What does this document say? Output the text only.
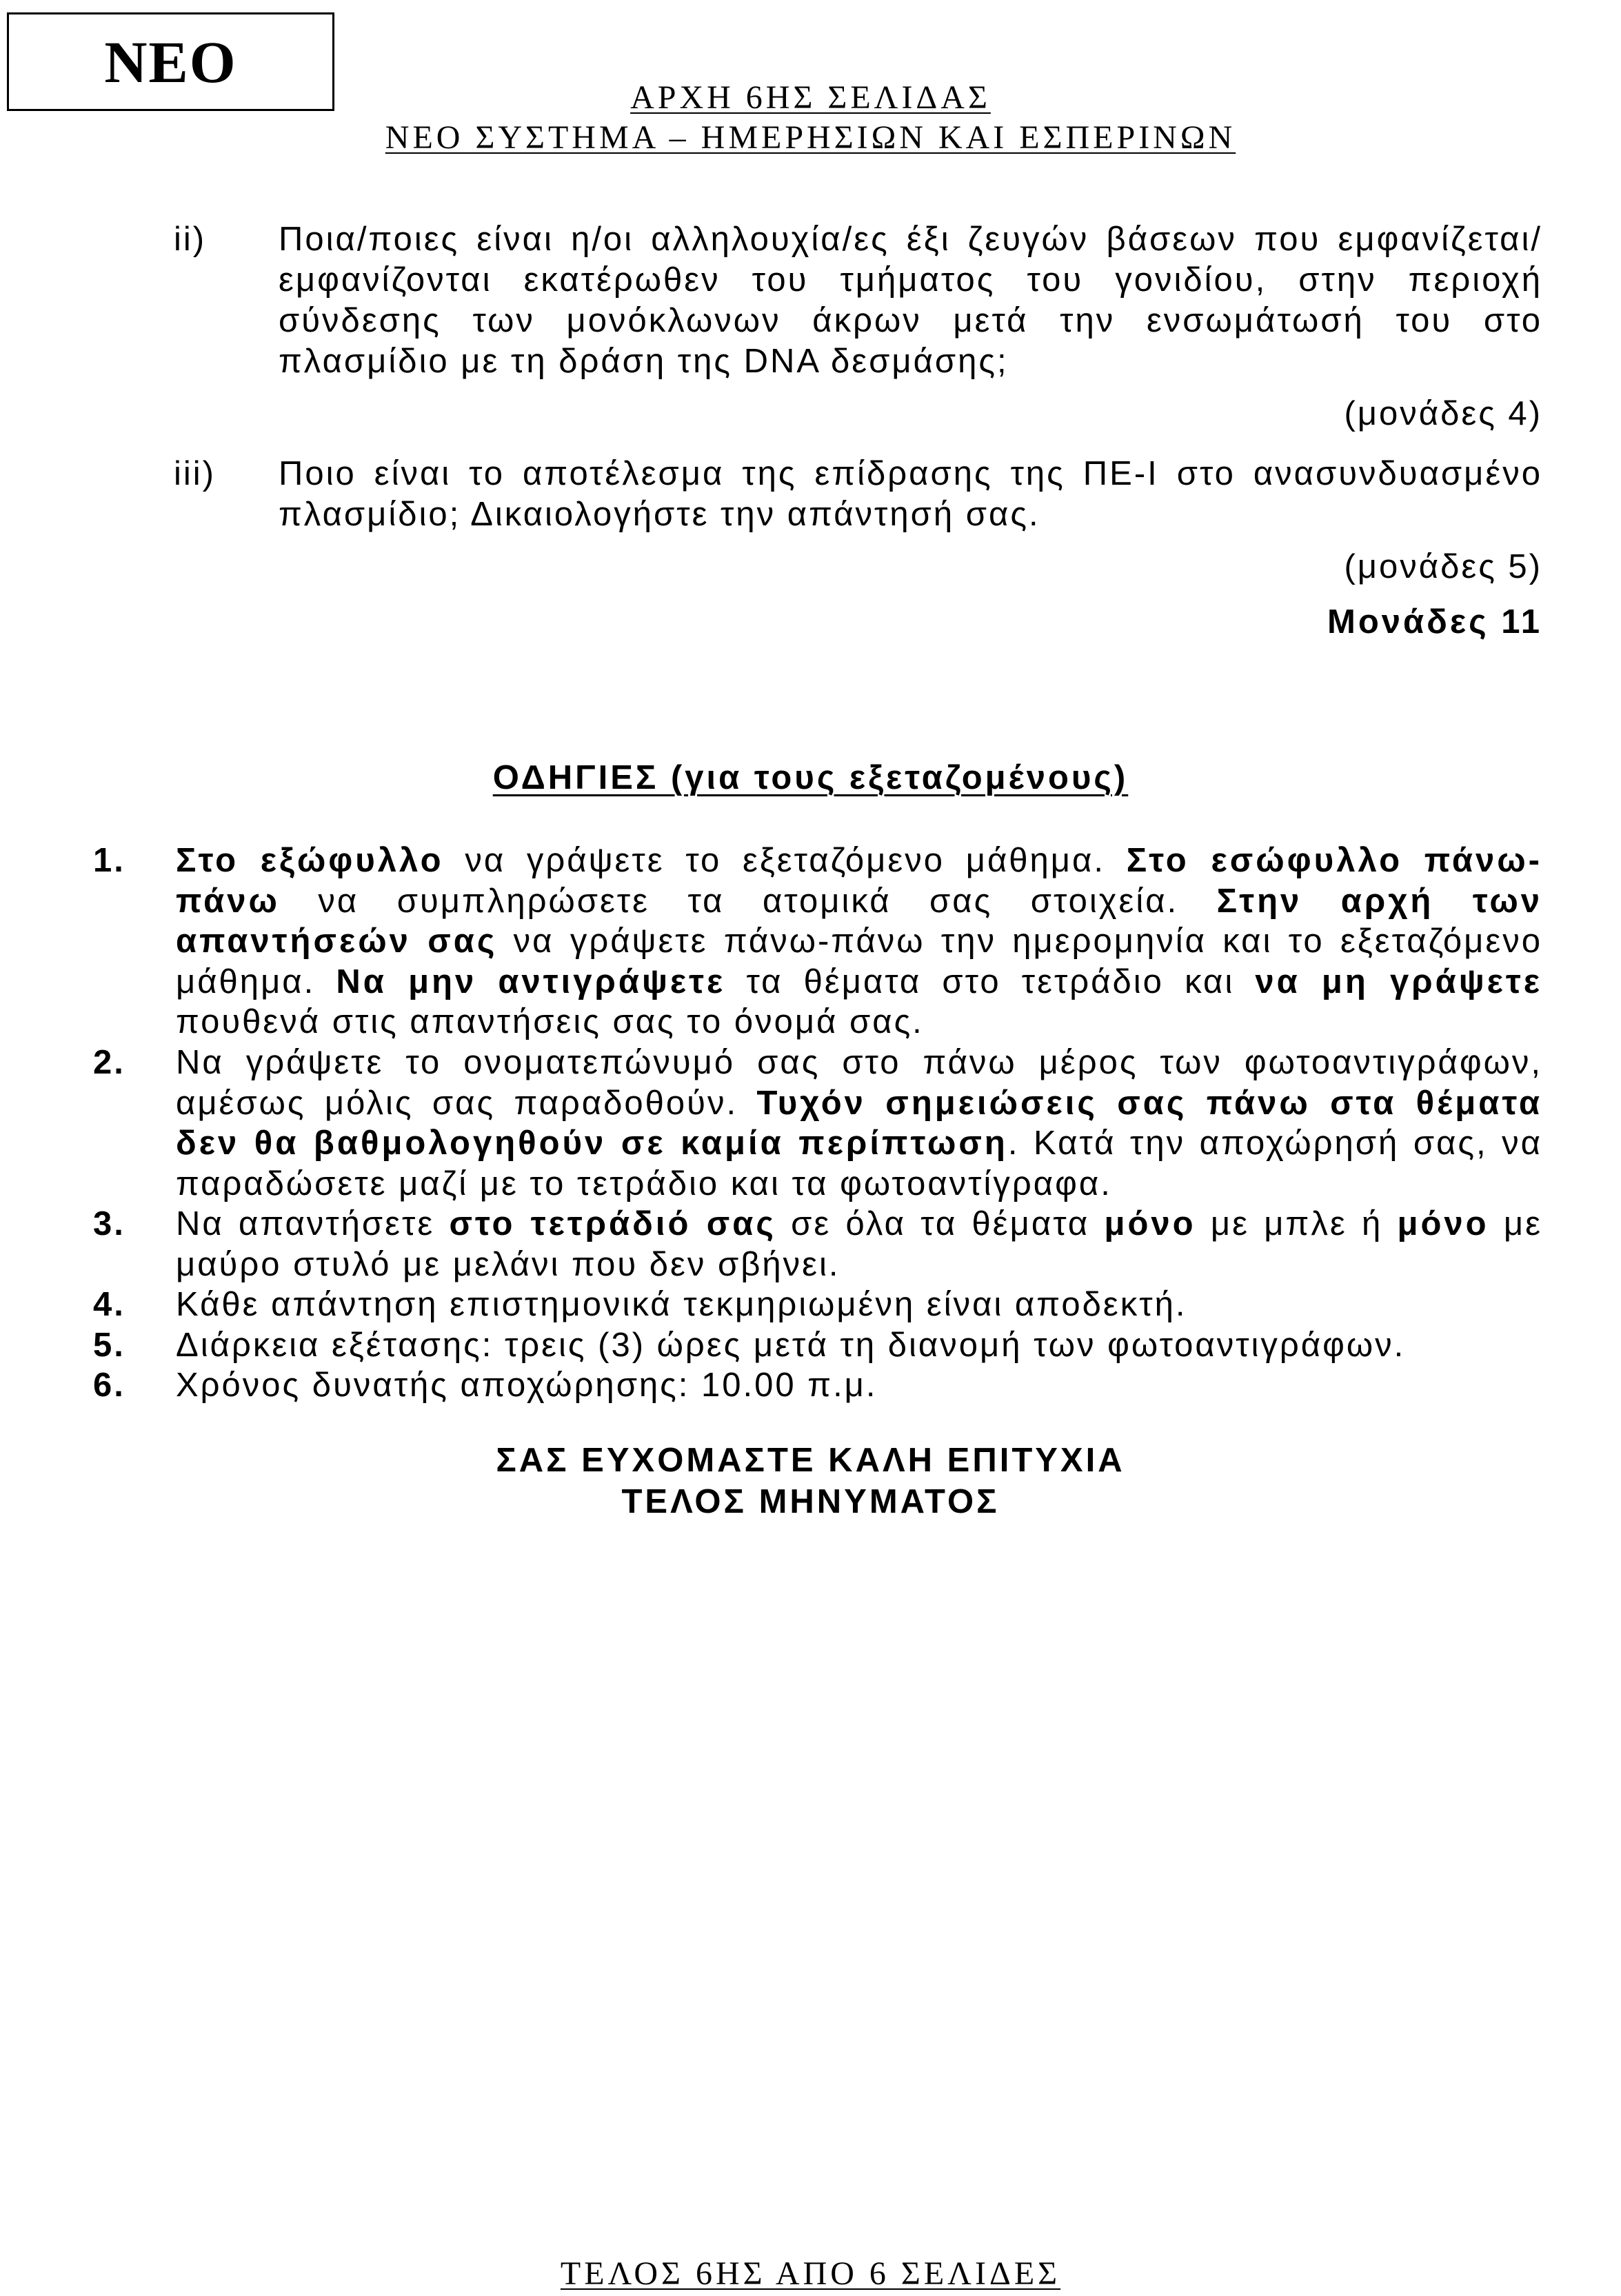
ΝΕΟ
ΑΡΧΗ 6ΗΣ ΣΕΛΙΔΑΣ
ΝΕΟ ΣΥΣΤΗΜΑ – ΗΜΕΡΗΣΙΩΝ ΚΑΙ ΕΣΠΕΡΙΝΩΝ
ii) Ποια/ποιες είναι η/οι αλληλουχία/ες έξι ζευγών βάσεων που εμφανίζεται/εμφανίζονται εκατέρωθεν του τμήματος του γονιδίου, στην περιοχή σύνδεσης των μονόκλωνων άκρων μετά την ενσωμάτωσή του στο πλασμίδιο με τη δράση της DNA δεσμάσης;
(μονάδες 4)
iii) Ποιο είναι το αποτέλεσμα της επίδρασης της ΠΕ-Ι στο ανασυνδυασμένο πλασμίδιο; Δικαιολογήστε την απάντησή σας.
(μονάδες 5)
Μονάδες 11
ΟΔΗΓΙΕΣ (για τους εξεταζομένους)
1. Στο εξώφυλλο να γράψετε το εξεταζόμενο μάθημα. Στο εσώφυλλο πάνω-πάνω να συμπληρώσετε τα ατομικά σας στοιχεία. Στην αρχή των απαντήσεών σας να γράψετε πάνω-πάνω την ημερομηνία και το εξεταζόμενο μάθημα. Να μην αντιγράψετε τα θέματα στο τετράδιο και να μη γράψετε πουθενά στις απαντήσεις σας το όνομά σας.
2. Να γράψετε το ονοματεπώνυμό σας στο πάνω μέρος των φωτοαντιγράφων, αμέσως μόλις σας παραδοθούν. Τυχόν σημειώσεις σας πάνω στα θέματα δεν θα βαθμολογηθούν σε καμία περίπτωση. Κατά την αποχώρησή σας, να παραδώσετε μαζί με το τετράδιο και τα φωτοαντίγραφα.
3. Να απαντήσετε στο τετράδιό σας σε όλα τα θέματα μόνο με μπλε ή μόνο με μαύρο στυλό με μελάνι που δεν σβήνει.
4. Κάθε απάντηση επιστημονικά τεκμηριωμένη είναι αποδεκτή.
5. Διάρκεια εξέτασης: τρεις (3) ώρες μετά τη διανομή των φωτοαντιγράφων.
6. Χρόνος δυνατής αποχώρησης: 10.00 π.μ.
ΣΑΣ ΕΥΧΟΜΑΣΤΕ ΚΑΛΗ ΕΠΙΤΥΧΙΑ
ΤΕΛΟΣ ΜΗΝΥΜΑΤΟΣ
ΤΕΛΟΣ 6ΗΣ ΑΠΟ 6 ΣΕΛΙΔΕΣ
